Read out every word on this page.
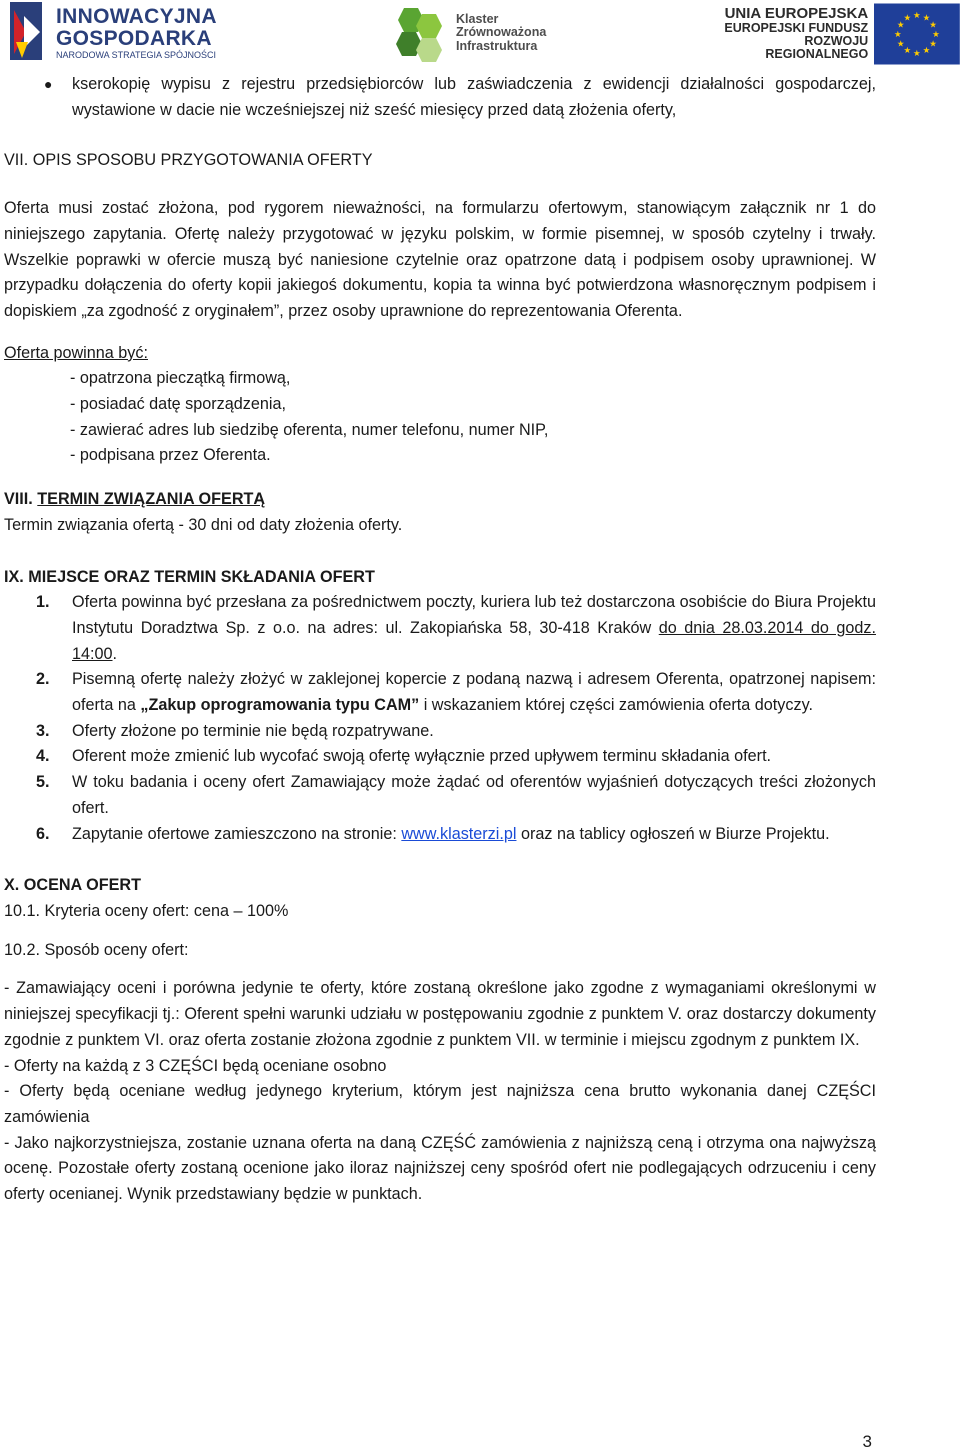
INNOWACYJNA
GOSPODARKA
NARODOWA STRATEGIA SPÓJNOŚCI
Klaster
Zrównoważona
Infrastruktura
UNIA EUROPEJSKA
EUROPEJSKI FUNDUSZ
ROZWOJU REGIONALNEGO
★ ★
★
★
★
★
★
★
★
★
★
★

● kserokopię wypisu z rejestru przedsiębiorców lub zaświadczenia z ewidencji działalności gospodarczej, wystawione w dacie nie wcześniejszej niż sześć miesięcy przed datą złożenia oferty,

VII. OPIS SPOSOBU PRZYGOTOWANIA OFERTY

Oferta musi zostać złożona, pod rygorem nieważności, na formularzu ofertowym, stanowiącym załącznik nr 1 do niniejszego zapytania. Ofertę należy przygotować w języku polskim, w formie pisemnej, w sposób czytelny i trwały. Wszelkie poprawki w ofercie muszą być naniesione czytelnie oraz opatrzone datą i podpisem osoby uprawnionej. W przypadku dołączenia do oferty kopii jakiegoś dokumentu, kopia ta winna być potwierdzona własnoręcznym podpisem i dopiskiem „za zgodność z oryginałem”, przez osoby uprawnione do reprezentowania Oferenta.

Oferta powinna być:

- opatrzona pieczątką firmową,

- posiadać datę sporządzenia,

- zawierać adres lub siedzibę oferenta, numer telefonu, numer NIP,

- podpisana przez Oferenta.

VIII. TERMIN ZWIĄZANIA OFERTĄ

Termin związania ofertą - 30 dni od daty złożenia oferty.

IX. MIEJSCE ORAZ TERMIN SKŁADANIA OFERT

1.	Oferta powinna być przesłana za pośrednictwem poczty, kuriera lub też dostarczona osobiście do Biura Projektu Instytutu Doradztwa Sp. z o.o. na adres: ul. Zakopiańska 58, 30-418 Kraków do dnia 28.03.2014 do godz. 14:00.
2.	Pisemną ofertę należy złożyć w zaklejonej kopercie z podaną nazwą i adresem Oferenta, opatrzonej napisem: oferta na „Zakup oprogramowania typu CAM” i wskazaniem której części zamówienia oferta dotyczy.
3.	Oferty złożone po terminie nie będą rozpatrywane.
4.	Oferent może zmienić lub wycofać swoją ofertę wyłącznie przed upływem terminu składania ofert.
5.	W toku badania i oceny ofert Zamawiający może żądać od oferentów wyjaśnień dotyczących treści złożonych ofert.
6.	Zapytanie ofertowe zamieszczono na stronie: www.klasterzi.pl oraz na tablicy ogłoszeń w Biurze Projektu.

X. OCENA OFERT

10.1. Kryteria oceny ofert: cena – 100%

10.2. Sposób oceny ofert:

- Zamawiający oceni i porówna jedynie te oferty, które zostaną określone jako zgodne z wymaganiami określonymi w niniejszej specyfikacji tj.: Oferent spełni warunki udziału w postępowaniu zgodnie z punktem V. oraz dostarczy dokumenty zgodnie z punktem VI. oraz oferta zostanie złożona zgodnie z punktem VII. w terminie i miejscu zgodnym z punktem IX.

- Oferty na każdą z 3 CZĘŚCI będą oceniane osobno

- Oferty będą oceniane według jedynego kryterium, którym jest najniższa cena brutto wykonania danej CZĘŚCI zamówienia

- Jako najkorzystniejsza, zostanie uznana oferta na daną CZĘŚĆ zamówienia z najniższą ceną i otrzyma ona najwyższą ocenę. Pozostałe oferty zostaną ocenione jako iloraz najniższej ceny spośród ofert nie podlegających odrzuceniu i ceny oferty ocenianej. Wynik przedstawiany będzie w punktach.

3
